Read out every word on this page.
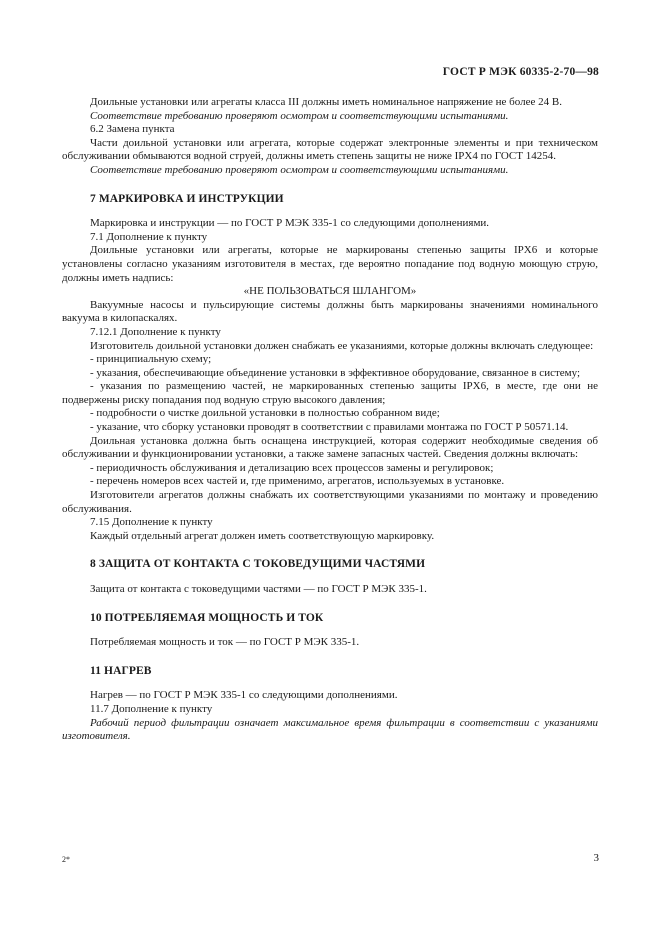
ГОСТ Р МЭК 60335-2-70—98

Доильные установки или агрегаты класса III должны иметь номинальное напряжение не более 24 В.

Соответствие требованию проверяют осмотром и соответствующими испытаниями.

6.2 Замена пункта

Части доильной установки или агрегата, которые содержат электронные элементы и при техническом обслуживании обмываются водной струей, должны иметь степень защиты не ниже IPX4 по ГОСТ 14254.

Соответствие требованию проверяют осмотром и соответствующими испытаниями.

7 МАРКИРОВКА И ИНСТРУКЦИИ

Маркировка и инструкции — по ГОСТ Р МЭК 335-1 со следующими дополнениями.

7.1 Дополнение к пункту

Доильные установки или агрегаты, которые не маркированы степенью защиты IPX6 и которые установлены согласно указаниям изготовителя в местах, где вероятно попадание под водную моющую струю, должны иметь надпись:

«НЕ ПОЛЬЗОВАТЬСЯ ШЛАНГОМ»

Вакуумные насосы и пульсирующие системы должны быть маркированы значениями номинального вакуума в килопаскалях.

7.12.1 Дополнение к пункту

Изготовитель доильной установки должен снабжать ее указаниями, которые должны включать следующее:

- принципиальную схему;

- указания, обеспечивающие объединение установки в эффективное оборудование, связанное в систему;

- указания по размещению частей, не маркированных степенью защиты IPX6, в месте, где они не подвержены риску попадания под водную струю высокого давления;

- подробности о чистке доильной установки в полностью собранном виде;

- указание, что сборку установки проводят в соответствии с правилами монтажа по ГОСТ Р 50571.14.

Доильная установка должна быть оснащена инструкцией, которая содержит необходимые сведения об обслуживании и функционировании установки, а также замене запасных частей. Сведения должны включать:

- периодичность обслуживания и детализацию всех процессов замены и регулировок;

- перечень номеров всех частей и, где применимо, агрегатов, используемых в установке.

Изготовители агрегатов должны снабжать их соответствующими указаниями по монтажу и проведению обслуживания.

7.15 Дополнение к пункту

Каждый отдельный агрегат должен иметь соответствующую маркировку.

8 ЗАЩИТА ОТ КОНТАКТА С ТОКОВЕДУЩИМИ ЧАСТЯМИ

Защита от контакта с токоведущими частями — по ГОСТ Р МЭК 335-1.

10 ПОТРЕБЛЯЕМАЯ МОЩНОСТЬ И ТОК

Потребляемая мощность и ток — по ГОСТ Р МЭК 335-1.

11 НАГРЕВ

Нагрев — по ГОСТ Р МЭК 335-1 со следующими дополнениями.

11.7 Дополнение к пункту

Рабочий период фильтрации означает максимальное время фильтрации в соответствии с указаниями изготовителя.

2*	3
